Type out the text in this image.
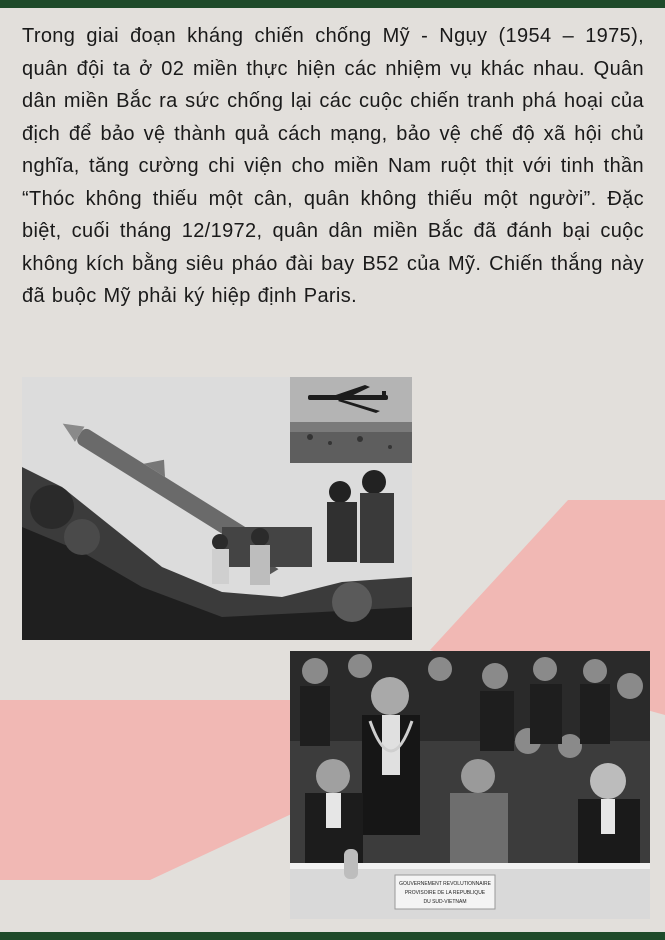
Trong giai đoạn kháng chiến chống Mỹ - Ngụy (1954 – 1975), quân đội ta ở 02 miền thực hiện các nhiệm vụ khác nhau. Quân dân miền Bắc ra sức chống lại các cuộc chiến tranh phá hoại của địch để bảo vệ thành quả cách mạng, bảo vệ chế độ xã hội chủ nghĩa, tăng cường chi viện cho miền Nam ruột thịt với tinh thần “Thóc không thiếu một cân, quân không thiếu một người”. Đặc biệt, cuối tháng 12/1972, quân dân miền Bắc đã đánh bại cuộc không kích bằng siêu pháo đài bay B52 của Mỹ. Chiến thắng này đã buộc Mỹ phải ký hiệp định Paris.

GOUVERNEMENT REVOLUTIONNAIRE
PROVISOIRE DE LA REPUBLIQUE
DU SUD-VIETNAM
